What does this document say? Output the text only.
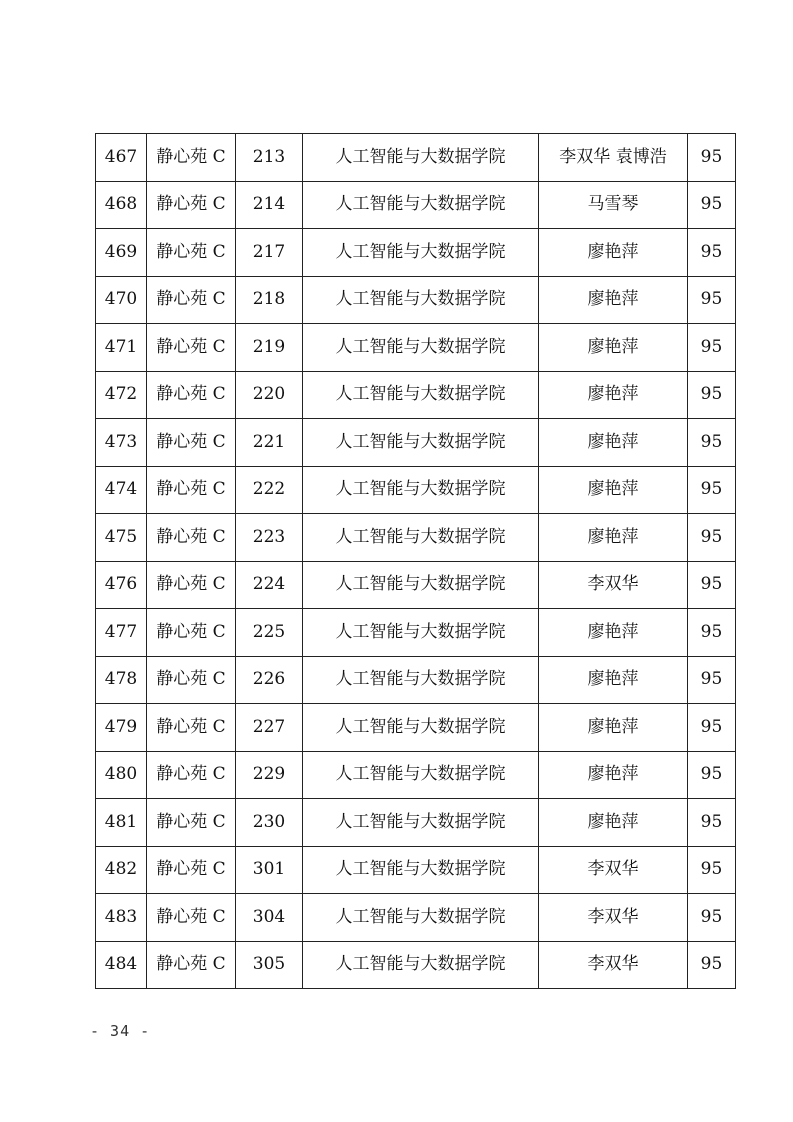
467	静心苑 C	213	人工智能与大数据学院	李双华 袁博浩	95
468	静心苑 C	214	人工智能与大数据学院	马雪琴	95
469	静心苑 C	217	人工智能与大数据学院	廖艳萍	95
470	静心苑 C	218	人工智能与大数据学院	廖艳萍	95
471	静心苑 C	219	人工智能与大数据学院	廖艳萍	95
472	静心苑 C	220	人工智能与大数据学院	廖艳萍	95
473	静心苑 C	221	人工智能与大数据学院	廖艳萍	95
474	静心苑 C	222	人工智能与大数据学院	廖艳萍	95
475	静心苑 C	223	人工智能与大数据学院	廖艳萍	95
476	静心苑 C	224	人工智能与大数据学院	李双华	95
477	静心苑 C	225	人工智能与大数据学院	廖艳萍	95
478	静心苑 C	226	人工智能与大数据学院	廖艳萍	95
479	静心苑 C	227	人工智能与大数据学院	廖艳萍	95
480	静心苑 C	229	人工智能与大数据学院	廖艳萍	95
481	静心苑 C	230	人工智能与大数据学院	廖艳萍	95
482	静心苑 C	301	人工智能与大数据学院	李双华	95
483	静心苑 C	304	人工智能与大数据学院	李双华	95
484	静心苑 C	305	人工智能与大数据学院	李双华	95
- 34 -
